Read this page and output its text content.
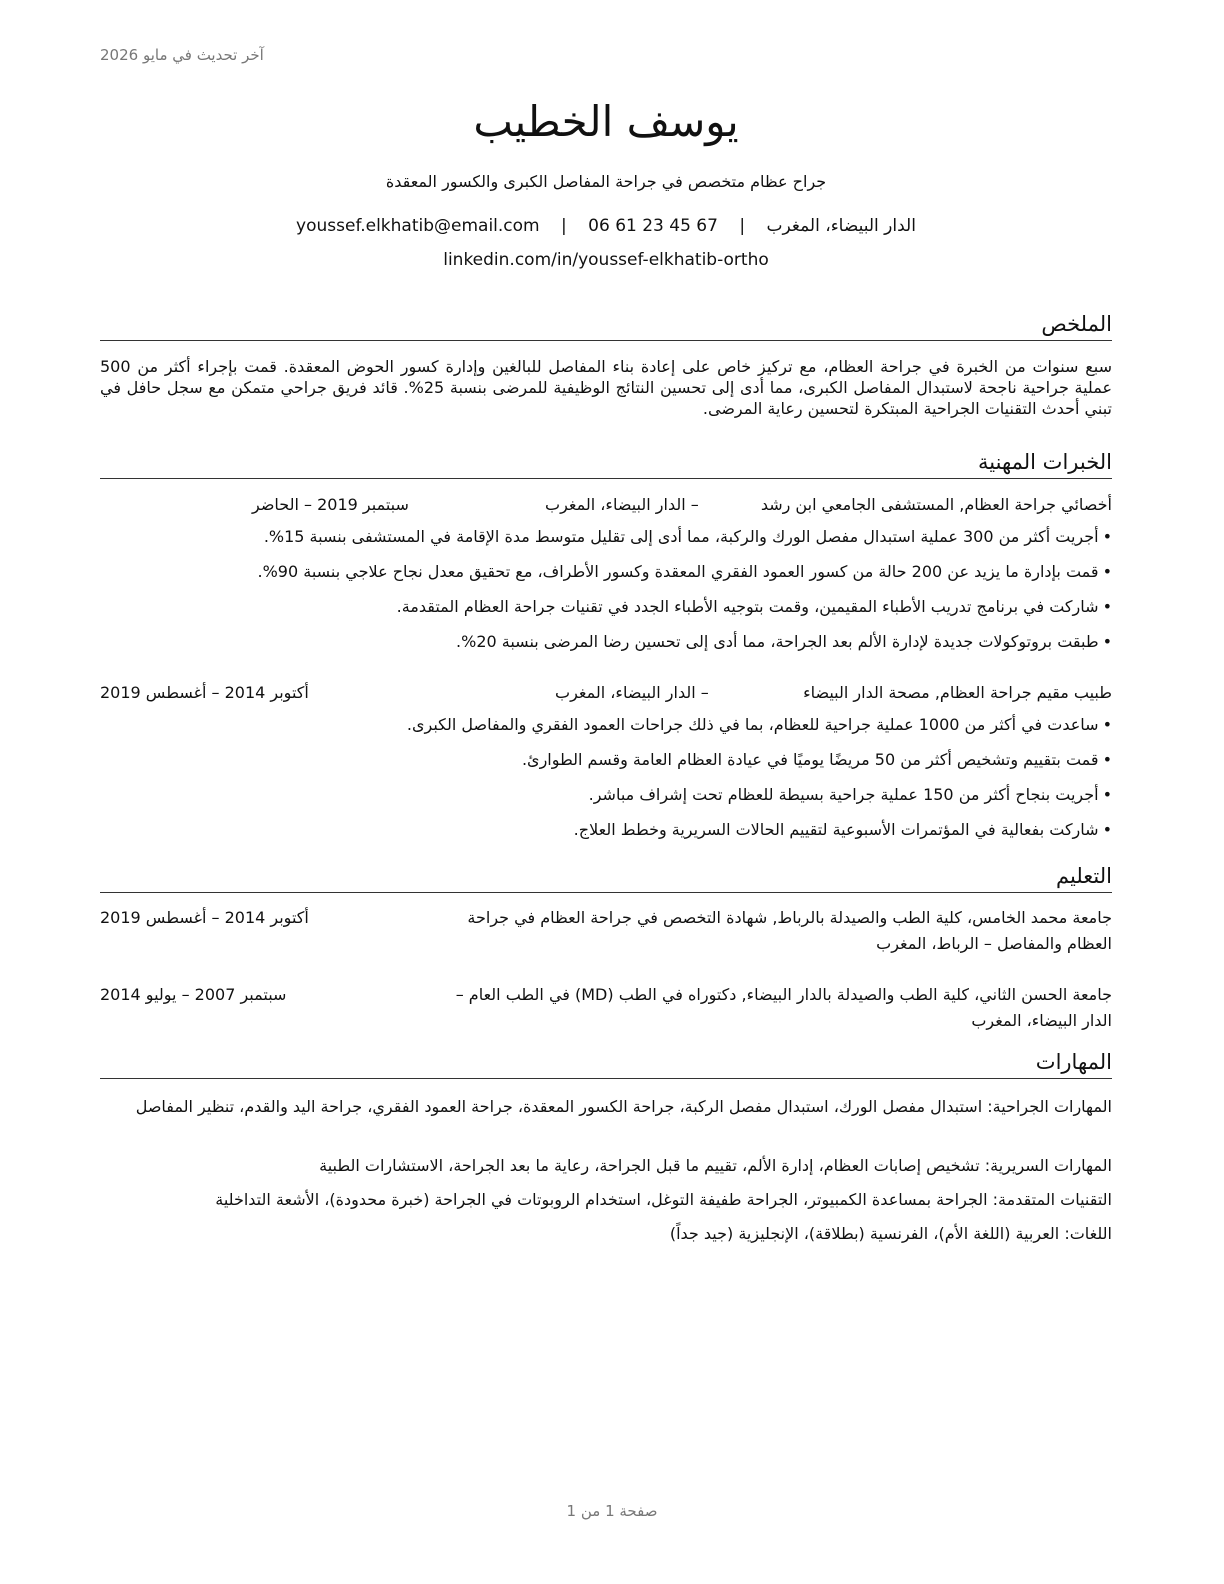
آخر تحديث في مايو 2026
يوسف الخطيب
جراح عظام متخصص في جراحة المفاصل الكبرى والكسور المعقدة
الدار البيضاء، المغرب | youssef.elkhatib@email.com | 06 61 23 45 67
linkedin.com/in/youssef-elkhatib-ortho
الملخص
سبع سنوات من الخبرة في جراحة العظام، مع تركيز خاص على إعادة بناء المفاصل للبالغين وإدارة كسور الحوض المعقدة. قمت بإجراء أكثر من 500 عملية جراحية ناجحة لاستبدال المفاصل الكبرى، مما أدى إلى تحسين النتائج الوظيفية للمرضى بنسبة 25%. قائد فريق جراحي متمكن مع سجل حافل في تبني أحدث التقنيات الجراحية المبتكرة لتحسين رعاية المرضى.
الخبرات المهنية
أخصائي جراحة العظام, المستشفى الجامعي ابن رشد
– الدار البيضاء، المغرب
سبتمبر 2019 – الحاضر
•أجريت أكثر من 300 عملية استبدال مفصل الورك والركبة، مما أدى إلى تقليل متوسط مدة الإقامة في المستشفى بنسبة 15%.
•قمت بإدارة ما يزيد عن 200 حالة من كسور العمود الفقري المعقدة وكسور الأطراف، مع تحقيق معدل نجاح علاجي بنسبة 90%.
•شاركت في برنامج تدريب الأطباء المقيمين، وقمت بتوجيه الأطباء الجدد في تقنيات جراحة العظام المتقدمة.
•طبقت بروتوكولات جديدة لإدارة الألم بعد الجراحة، مما أدى إلى تحسين رضا المرضى بنسبة 20%.
طبيب مقيم جراحة العظام, مصحة الدار البيضاء
– الدار البيضاء، المغرب
أكتوبر 2014 – أغسطس 2019
•ساعدت في أكثر من 1000 عملية جراحية للعظام، بما في ذلك جراحات العمود الفقري والمفاصل الكبرى.
•قمت بتقييم وتشخيص أكثر من 50 مريضًا يوميًا في عيادة العظام العامة وقسم الطوارئ.
•أجريت بنجاح أكثر من 150 عملية جراحية بسيطة للعظام تحت إشراف مباشر.
•شاركت بفعالية في المؤتمرات الأسبوعية لتقييم الحالات السريرية وخطط العلاج.
التعليم
جامعة محمد الخامس، كلية الطب والصيدلة بالرباط, شهادة التخصص في جراحة العظام في جراحة
أكتوبر 2014 – أغسطس 2019
العظام والمفاصل – الرباط، المغرب
جامعة الحسن الثاني، كلية الطب والصيدلة بالدار البيضاء, دكتوراه في الطب (MD) في الطب العام –
سبتمبر 2007 – يوليو 2014
الدار البيضاء، المغرب
المهارات
المهارات الجراحية: استبدال مفصل الورك، استبدال مفصل الركبة، جراحة الكسور المعقدة، جراحة العمود الفقري، جراحة اليد والقدم، تنظير المفاصل
المهارات السريرية: تشخيص إصابات العظام، إدارة الألم، تقييم ما قبل الجراحة، رعاية ما بعد الجراحة، الاستشارات الطبية
التقنيات المتقدمة: الجراحة بمساعدة الكمبيوتر، الجراحة طفيفة التوغل، استخدام الروبوتات في الجراحة (خبرة محدودة)، الأشعة التداخلية
اللغات: العربية (اللغة الأم)، الفرنسية (بطلاقة)، الإنجليزية (جيد جداً)
صفحة 1 من 1
